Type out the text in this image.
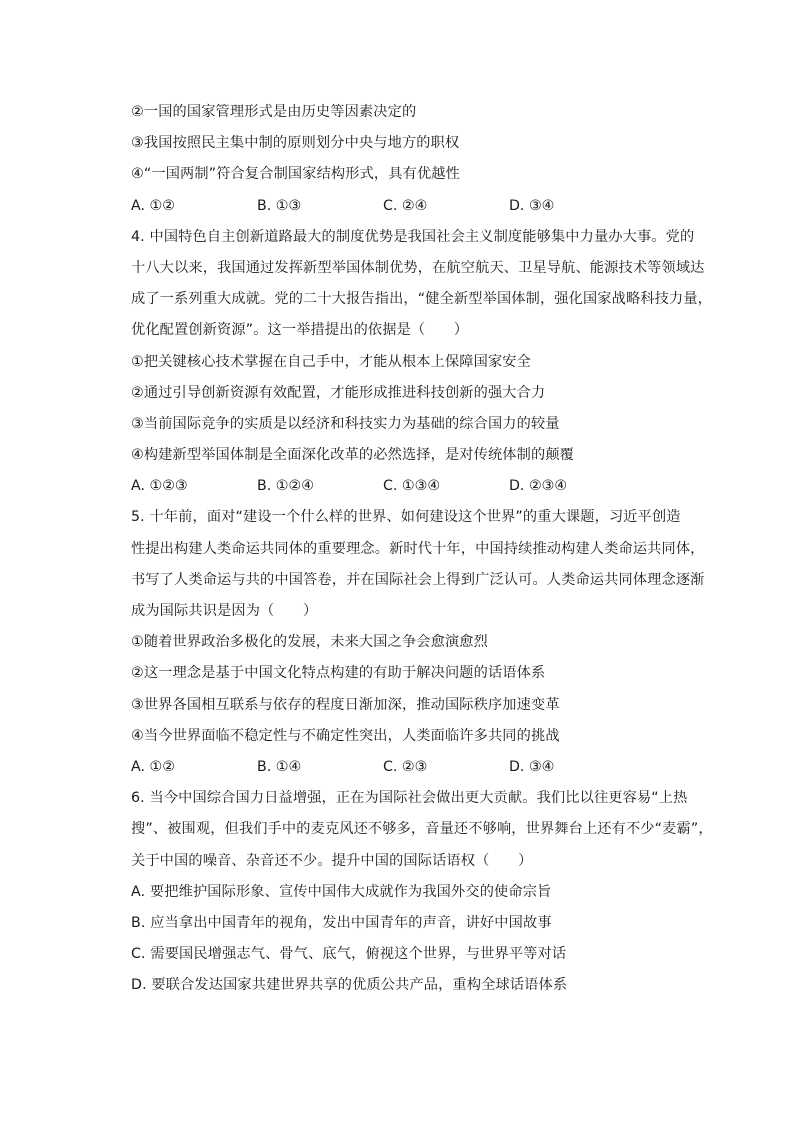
②一国的国家管理形式是由历史等因素决定的
③我国按照民主集中制的原则划分中央与地方的职权
④“一国两制”符合复合制国家结构形式，具有优越性
A. ①②	B. ①③	C. ②④	D. ③④
4. 中国特色自主创新道路最大的制度优势是我国社会主义制度能够集中力量办大事。党的
十八大以来，我国通过发挥新型举国体制优势，在航空航天、卫星导航、能源技术等领域达
成了一系列重大成就。党的二十大报告指出，“健全新型举国体制，强化国家战略科技力量，
优化配置创新资源”。这一举措提出的依据是（　　）
①把关键核心技术掌握在自己手中，才能从根本上保障国家安全
②通过引导创新资源有效配置，才能形成推进科技创新的强大合力
③当前国际竞争的实质是以经济和科技实力为基础的综合国力的较量
④构建新型举国体制是全面深化改革的必然选择，是对传统体制的颠覆
A. ①②③	B. ①②④	C. ①③④	D. ②③④
5. 十年前，面对“建设一个什么样的世界、如何建设这个世界”的重大课题，习近平创造
性提出构建人类命运共同体的重要理念。新时代十年，中国持续推动构建人类命运共同体，
书写了人类命运与共的中国答卷，并在国际社会上得到广泛认可。人类命运共同体理念逐渐
成为国际共识是因为（　　）
①随着世界政治多极化的发展，未来大国之争会愈演愈烈
②这一理念是基于中国文化特点构建的有助于解决问题的话语体系
③世界各国相互联系与依存的程度日渐加深，推动国际秩序加速变革
④当今世界面临不稳定性与不确定性突出，人类面临许多共同的挑战
A. ①②	B. ①④	C. ②③	D. ③④
6. 当今中国综合国力日益增强，正在为国际社会做出更大贡献。我们比以往更容易“上热
搜”、被围观，但我们手中的麦克风还不够多，音量还不够响，世界舞台上还有不少“麦霸”，
关于中国的噪音、杂音还不少。提升中国的国际话语权（　　）
A. 要把维护国际形象、宣传中国伟大成就作为我国外交的使命宗旨
B. 应当拿出中国青年的视角，发出中国青年的声音，讲好中国故事
C. 需要国民增强志气、骨气、底气，俯视这个世界，与世界平等对话
D. 要联合发达国家共建世界共享的优质公共产品，重构全球话语体系
